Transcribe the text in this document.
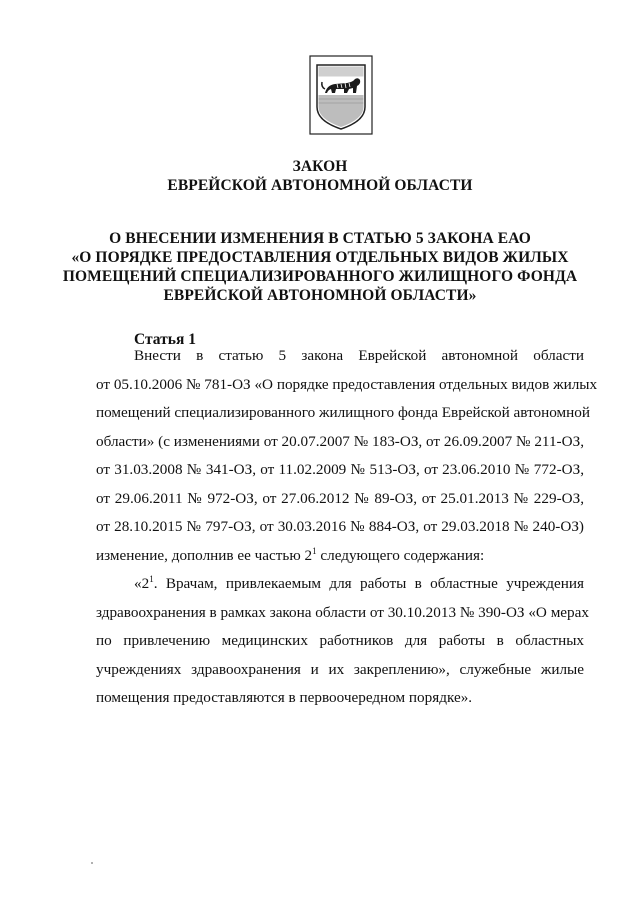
ЗАКОН
ЕВРЕЙСКОЙ АВТОНОМНОЙ ОБЛАСТИ
О ВНЕСЕНИИ ИЗМЕНЕНИЯ В СТАТЬЮ 5 ЗАКОНА ЕАО
«О ПОРЯДКЕ ПРЕДОСТАВЛЕНИЯ ОТДЕЛЬНЫХ ВИДОВ ЖИЛЫХ
ПОМЕЩЕНИЙ СПЕЦИАЛИЗИРОВАННОГО ЖИЛИЩНОГО ФОНДА
ЕВРЕЙСКОЙ АВТОНОМНОЙ ОБЛАСТИ»
Статья 1
Внести в статью 5 закона Еврейской автономной области
от 05.10.2006 № 781-ОЗ «О порядке предоставления отдельных видов жилых
помещений специализированного жилищного фонда Еврейской автономной
области» (с изменениями от 20.07.2007 № 183-ОЗ, от 26.09.2007 № 211-ОЗ,
от 31.03.2008 № 341-ОЗ, от 11.02.2009 № 513-ОЗ, от 23.06.2010 № 772-ОЗ,
от 29.06.2011 № 972-ОЗ, от 27.06.2012 № 89-ОЗ, от 25.01.2013 № 229-ОЗ,
от 28.10.2015 № 797-ОЗ, от 30.03.2016 № 884-ОЗ, от 29.03.2018 № 240-ОЗ)
изменение, дополнив ее частью $2^1$ следующего содержания:
«$2^1$. Врачам, привлекаемым для работы в областные учреждения
здравоохранения в рамках закона области от 30.10.2013 № 390-ОЗ «О мерах
по привлечению медицинских работников для работы в областных
учреждениях здравоохранения и их закреплению», служебные жилые
помещения предоставляются в первоочередном порядке».
